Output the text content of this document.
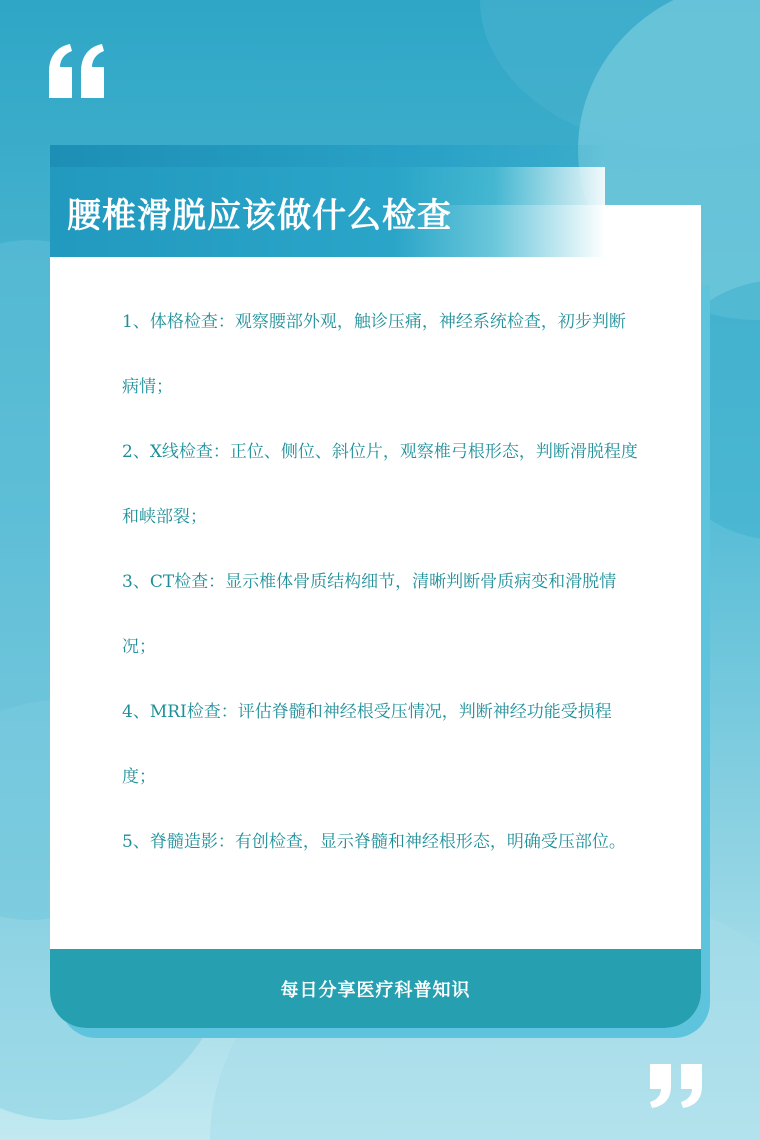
每日分享医疗科普知识
腰椎滑脱应该做什么检查

1、体格检查：观察腰部外观，触诊压痛，神经系统检查，初步判断病情；

2、X线检查：正位、侧位、斜位片，观察椎弓根形态，判断滑脱程度和峡部裂；

3、CT检查：显示椎体骨质结构细节，清晰判断骨质病变和滑脱情况；

4、MRI检查：评估脊髓和神经根受压情况，判断神经功能受损程度；

5、脊髓造影：有创检查，显示脊髓和神经根形态，明确受压部位。
